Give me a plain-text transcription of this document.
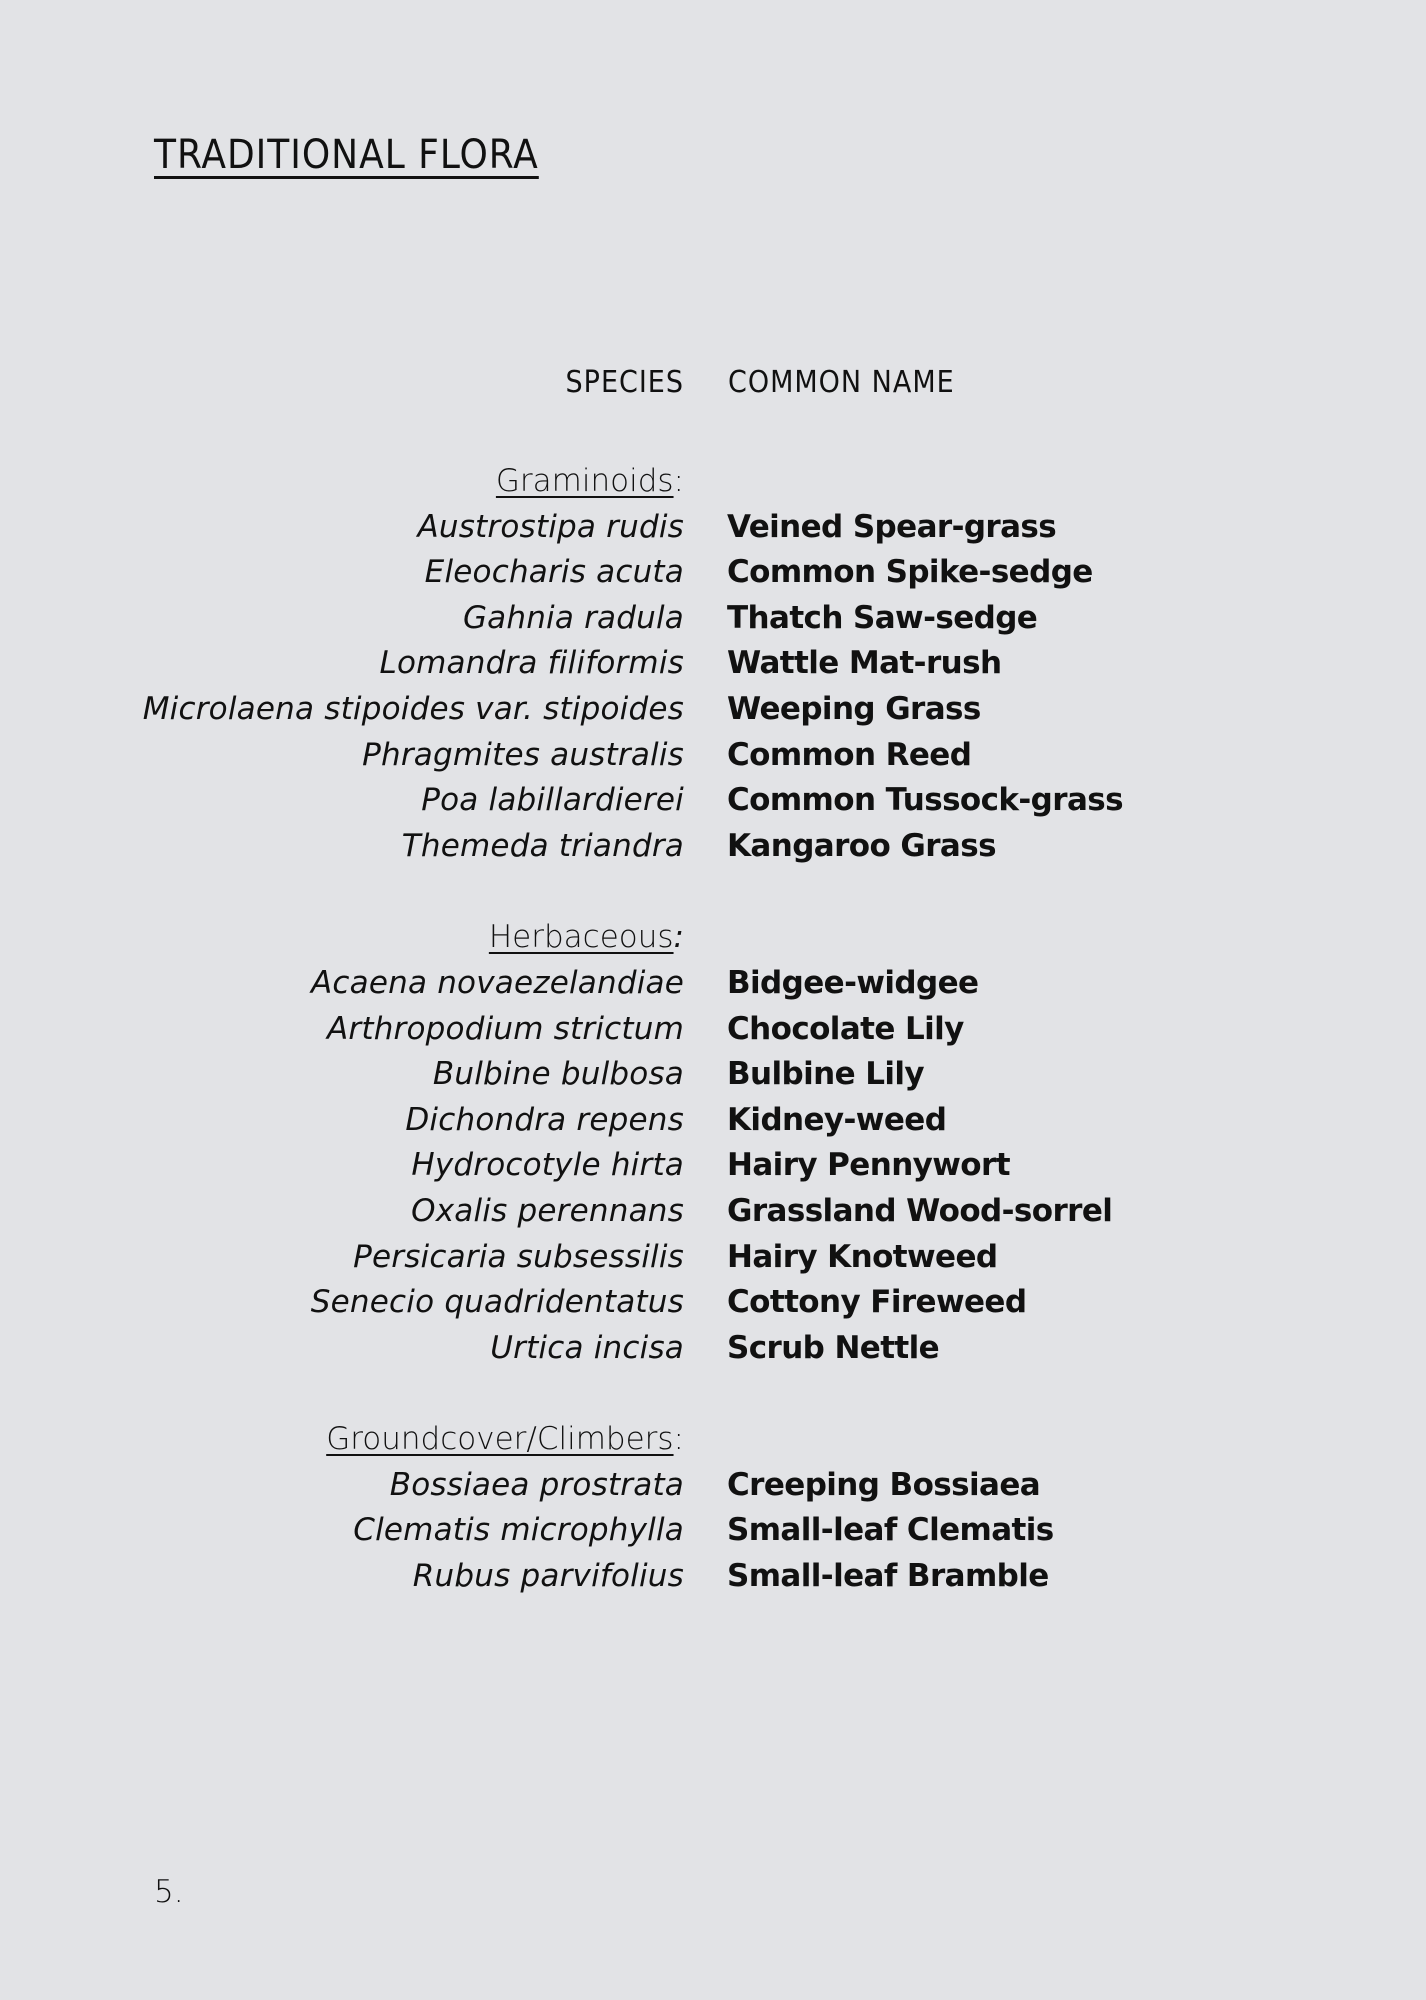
TRADITIONAL FLORA
SPECIES COMMON NAME
Graminoids:
Austrostipa rudis Veined Spear-grass
Eleocharis acuta Common Spike-sedge
Gahnia radula Thatch Saw-sedge
Lomandra filiformis Wattle Mat-rush
Microlaena stipoides var. stipoides Weeping Grass
Phragmites australis Common Reed
Poa labillardierei Common Tussock-grass
Themeda triandra Kangaroo Grass
Herbaceous:
Acaena novaezelandiae Bidgee-widgee
Arthropodium strictum Chocolate Lily
Bulbine bulbosa Bulbine Lily
Dichondra repens Kidney-weed
Hydrocotyle hirta Hairy Pennywort
Oxalis perennans Grassland Wood-sorrel
Persicaria subsessilis Hairy Knotweed
Senecio quadridentatus Cottony Fireweed
Urtica incisa Scrub Nettle
Groundcover/Climbers:
Bossiaea prostrata Creeping Bossiaea
Clematis microphylla Small-leaf Clematis
Rubus parvifolius Small-leaf Bramble
5.
